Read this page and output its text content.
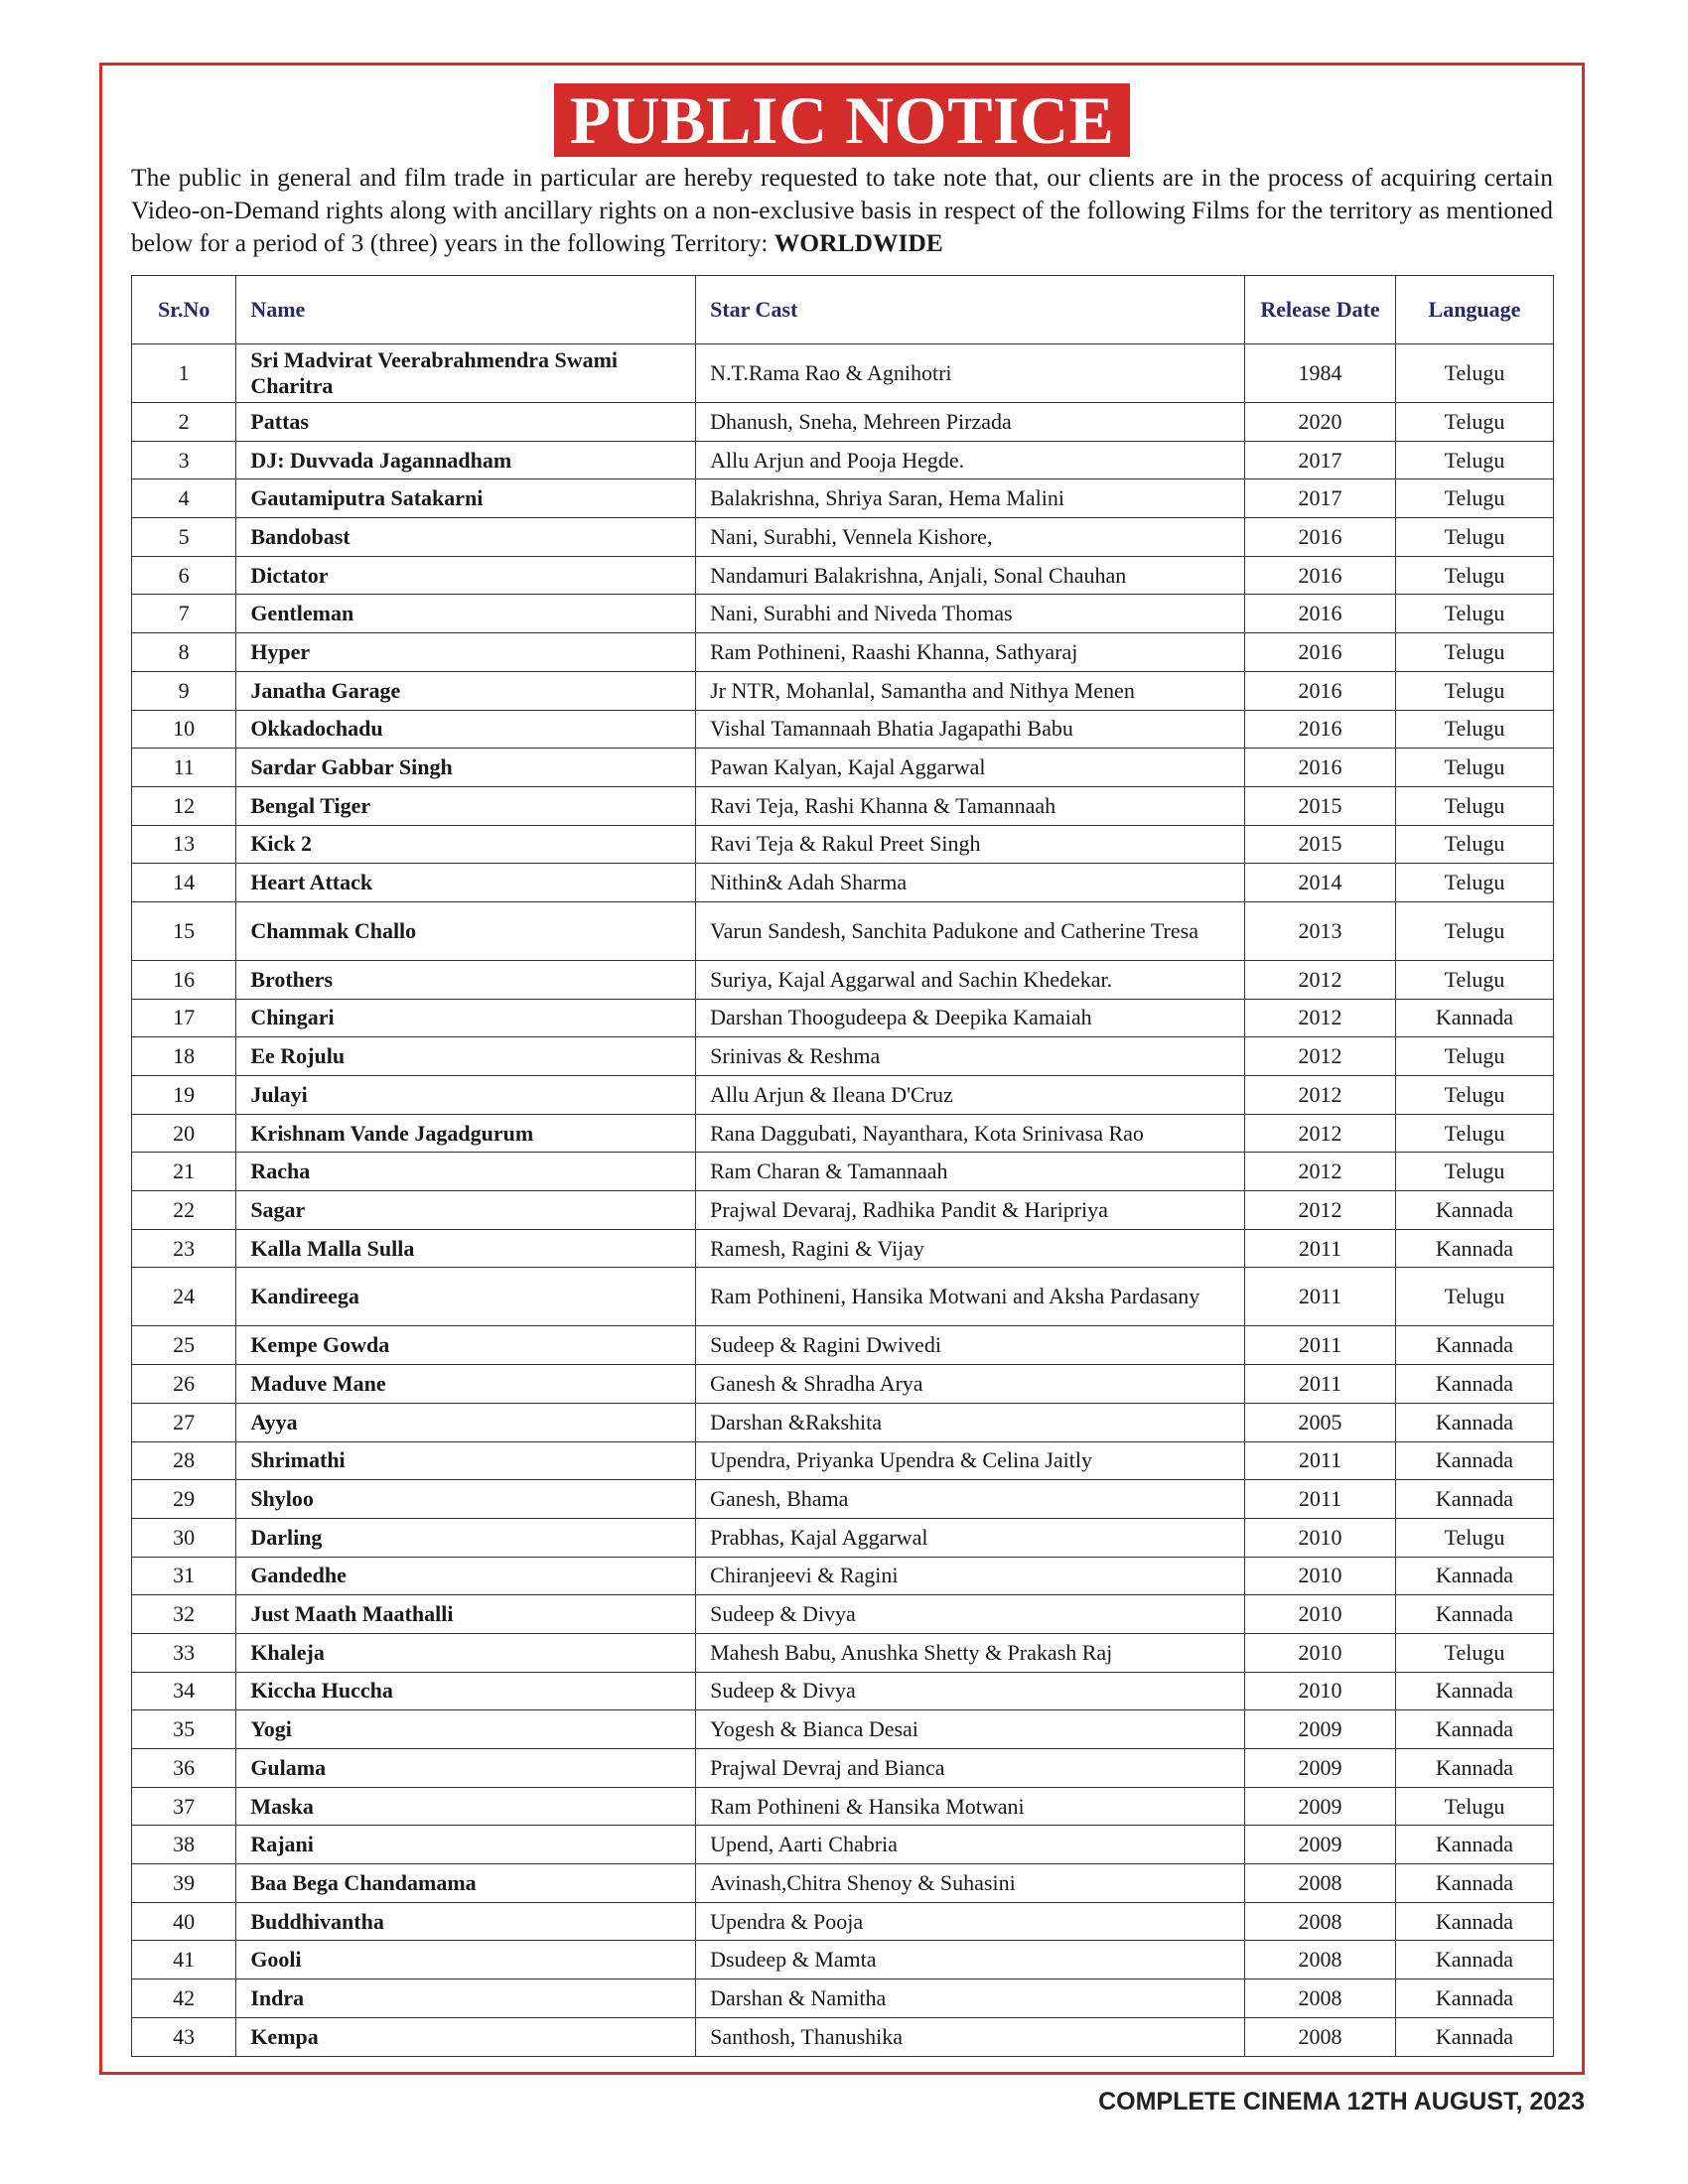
PUBLIC NOTICE
The public in general and film trade in particular are hereby requested to take note that, our clients are in the process of acquiring certain Video-on-Demand rights along with ancillary rights on a non-exclusive basis in respect of the following Films for the territory as mentioned below for a period of 3 (three) years in the following Territory: WORLDWIDE
Sr.No	Name	Star Cast	Release Date	Language
1	Sri Madvirat Veerabrahmendra Swami Charitra	N.T.Rama Rao & Agnihotri	1984	Telugu
2	Pattas	Dhanush, Sneha, Mehreen Pirzada	2020	Telugu
3	DJ: Duvvada Jagannadham	Allu Arjun and Pooja Hegde.	2017	Telugu
4	Gautamiputra Satakarni	Balakrishna, Shriya Saran, Hema Malini	2017	Telugu
5	Bandobast	Nani, Surabhi, Vennela Kishore,	2016	Telugu
6	Dictator	Nandamuri Balakrishna, Anjali, Sonal Chauhan	2016	Telugu
7	Gentleman	Nani, Surabhi and Niveda Thomas	2016	Telugu
8	Hyper	Ram Pothineni, Raashi Khanna, Sathyaraj	2016	Telugu
9	Janatha Garage	Jr NTR, Mohanlal, Samantha and Nithya Menen	2016	Telugu
10	Okkadochadu	Vishal Tamannaah Bhatia Jagapathi Babu	2016	Telugu
11	Sardar Gabbar Singh	Pawan Kalyan, Kajal Aggarwal	2016	Telugu
12	Bengal Tiger	Ravi Teja, Rashi Khanna & Tamannaah	2015	Telugu
13	Kick 2	Ravi Teja & Rakul Preet Singh	2015	Telugu
14	Heart Attack	Nithin& Adah Sharma	2014	Telugu
15	Chammak Challo	Varun Sandesh, Sanchita Padukone and Catherine Tresa	2013	Telugu
16	Brothers	Suriya, Kajal Aggarwal and Sachin Khedekar.	2012	Telugu
17	Chingari	Darshan Thoogudeepa & Deepika Kamaiah	2012	Kannada
18	Ee Rojulu	Srinivas & Reshma	2012	Telugu
19	Julayi	Allu Arjun & Ileana D'Cruz	2012	Telugu
20	Krishnam Vande Jagadgurum	Rana Daggubati, Nayanthara, Kota Srinivasa Rao	2012	Telugu
21	Racha	Ram Charan & Tamannaah	2012	Telugu
22	Sagar	Prajwal Devaraj, Radhika Pandit & Haripriya	2012	Kannada
23	Kalla Malla Sulla	Ramesh, Ragini & Vijay	2011	Kannada
24	Kandireega	Ram Pothineni, Hansika Motwani and Aksha Pardasany	2011	Telugu
25	Kempe Gowda	Sudeep & Ragini Dwivedi	2011	Kannada
26	Maduve Mane	Ganesh & Shradha Arya	2011	Kannada
27	Ayya	Darshan &Rakshita	2005	Kannada
28	Shrimathi	Upendra, Priyanka Upendra & Celina Jaitly	2011	Kannada
29	Shyloo	Ganesh, Bhama	2011	Kannada
30	Darling	Prabhas, Kajal Aggarwal	2010	Telugu
31	Gandedhe	Chiranjeevi & Ragini	2010	Kannada
32	Just Maath Maathalli	Sudeep & Divya	2010	Kannada
33	Khaleja	Mahesh Babu, Anushka Shetty & Prakash Raj	2010	Telugu
34	Kiccha Huccha	Sudeep & Divya	2010	Kannada
35	Yogi	Yogesh & Bianca Desai	2009	Kannada
36	Gulama	Prajwal Devraj and Bianca	2009	Kannada
37	Maska	Ram Pothineni & Hansika Motwani	2009	Telugu
38	Rajani	Upend, Aarti Chabria	2009	Kannada
39	Baa Bega Chandamama	Avinash,Chitra Shenoy & Suhasini	2008	Kannada
40	Buddhivantha	Upendra & Pooja	2008	Kannada
41	Gooli	Dsudeep & Mamta	2008	Kannada
42	Indra	Darshan & Namitha	2008	Kannada
43	Kempa	Santhosh, Thanushika	2008	Kannada
COMPLETE CINEMA 12TH AUGUST, 2023
